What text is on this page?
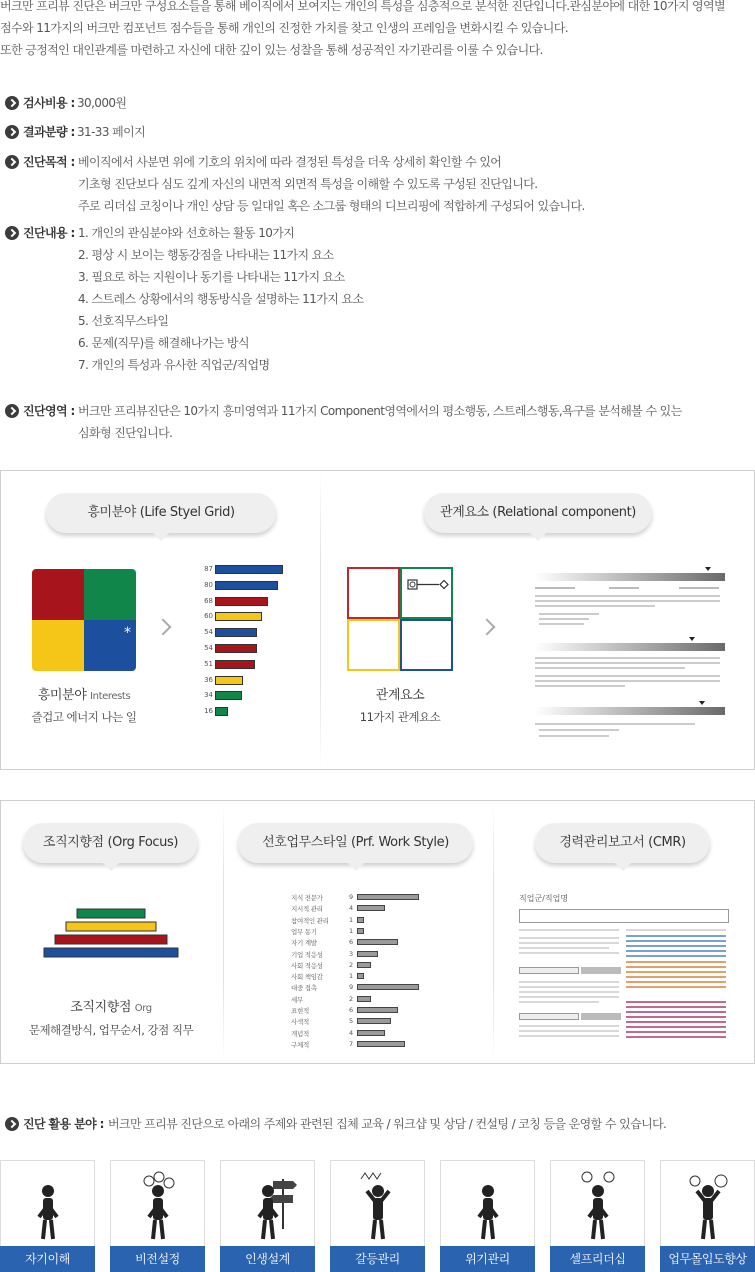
버크만 프리뷰 진단은 버크만 구성요소들을 통해 베이직에서 보여지는 개인의 특성을 심층적으로 분석한 진단입니다.관심분야에 대한 10가지 영역별

점수와 11가지의 버크만 컴포넌트 점수들을 통해 개인의 진정한 가치를 찾고 인생의 프레임을 변화시킬 수 있습니다.

또한 긍정적인 대인관계를 마련하고 자신에 대한 깊이 있는 성찰을 통해 성공적인 자기관리를 이룰 수 있습니다.

검사비용 : 30,000원
결과분량 : 31-33 페이지
진단목적 : 베이직에서 사분면 위에 기호의 위치에 따라 결정된 특성을 더욱 상세히 확인할 수 있어
기초형 진단보다 심도 깊게 자신의 내면적 외면적 특성을 이해할 수 있도록 구성된 진단입니다.
주로 리더십 코칭이나 개인 상담 등 일대일 혹은 소그룹 형태의 디브리핑에 적합하게 구성되어 있습니다.
진단내용 : 1. 개인의 관심분야와 선호하는 활동 10가지
2. 평상 시 보이는 행동강점을 나타내는 11가지 요소
3. 필요로 하는 지원이나 동기를 나타내는 11가지 요소
4. 스트레스 상황에서의 행동방식을 설명하는 11가지 요소
5. 선호직무스타일
6. 문제(직무)를 해결해나가는 방식
7. 개인의 특성과 유사한 직업군/직업명
진단영역 : 버크만 프리뷰진단은 10가지 흥미영역과 11가지 Component영역에서의 평소행동, 스트레스행동,욕구를 분석해볼 수 있는
심화형 진단입니다.
흥미분야 (Life Styel Grid)
*
흥미분야 Interests
즐겁고 에너지 나는 일
87
80
68
60
54
54
51
36
34
16
관계요소 (Relational component)
관계요소
11가지 관계요소
조직지향점 (Org Focus)
조직지향점 Org
문제해결방식, 업무순서, 강점 직무
선호업무스타일 (Prf. Work Style)
지식 전문가	9
지시적 관리	4
참여적인 관리	1
업무 동기	1
자기 계발	6
기업 적응성	3
사회 적응성	2
사회 책임감	1
대중 접촉	9
세무	2
표현적	6
사색적	5
개념적	4
구체적	7
경력관리보고서 (CMR)
직업군/직업명
진단 활용 분야 : 버크만 프리뷰 진단으로 아래의 주제와 관련된 집체 교육 / 워크샵 및 상담 / 컨설팅 / 코칭 등을 운영할 수 있습니다.
자기이해	비전설정	인생설계	갈등관리	위기관리	셀프리더십	업무몰입도향상
